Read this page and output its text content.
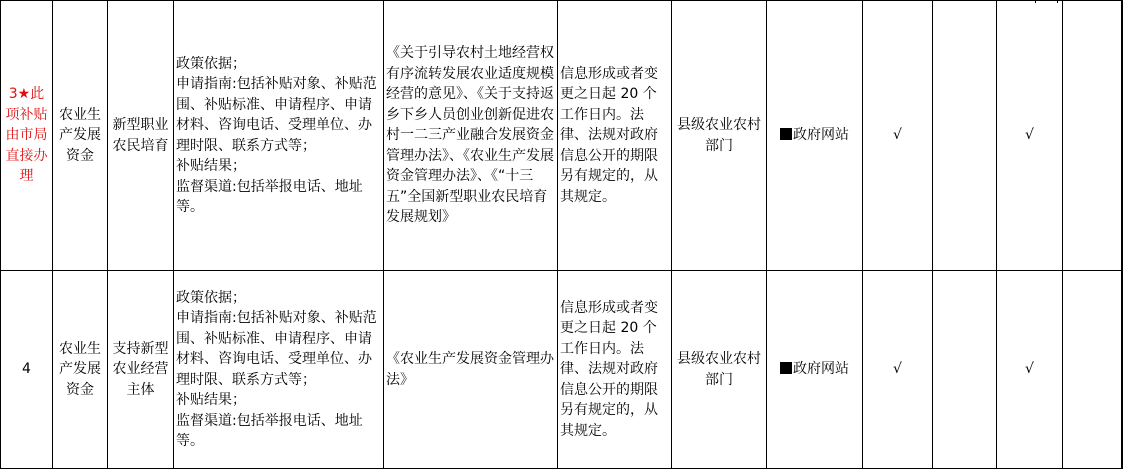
3★此项补贴由市局直接办理	农业生产发展资金	新型职业农民培育	政策依据；
申请指南:包括补贴对象、补贴范围、补贴标准、申请程序、申请材料、咨询电话、受理单位、办理时限、联系方式等；
补贴结果；
监督渠道:包括举报电话、地址等。	《关于引导农村土地经营权有序流转发展农业适度规模经营的意见》、《关于支持返乡下乡人员创业创新促进农村一二三产业融合发展资金管理办法》、《农业生产发展资金管理办法》、《“十三五”全国新型职业农民培育发展规划》	信息形成或者变更之日起 20 个工作日内。法律、法规对政府信息公开的期限另有规定的，从其规定。	县级农业农村部门	政府网站	√		√		
4	农业生产发展资金	支持新型农业经营主体	政策依据；
申请指南:包括补贴对象、补贴范围、补贴标准、申请程序、申请材料、咨询电话、受理单位、办理时限、联系方式等；
补贴结果；
监督渠道:包括举报电话、地址等。	《农业生产发展资金管理办法》	信息形成或者变更之日起 20 个工作日内。法律、法规对政府信息公开的期限另有规定的，从其规定。	县级农业农村部门	政府网站	√		√		
